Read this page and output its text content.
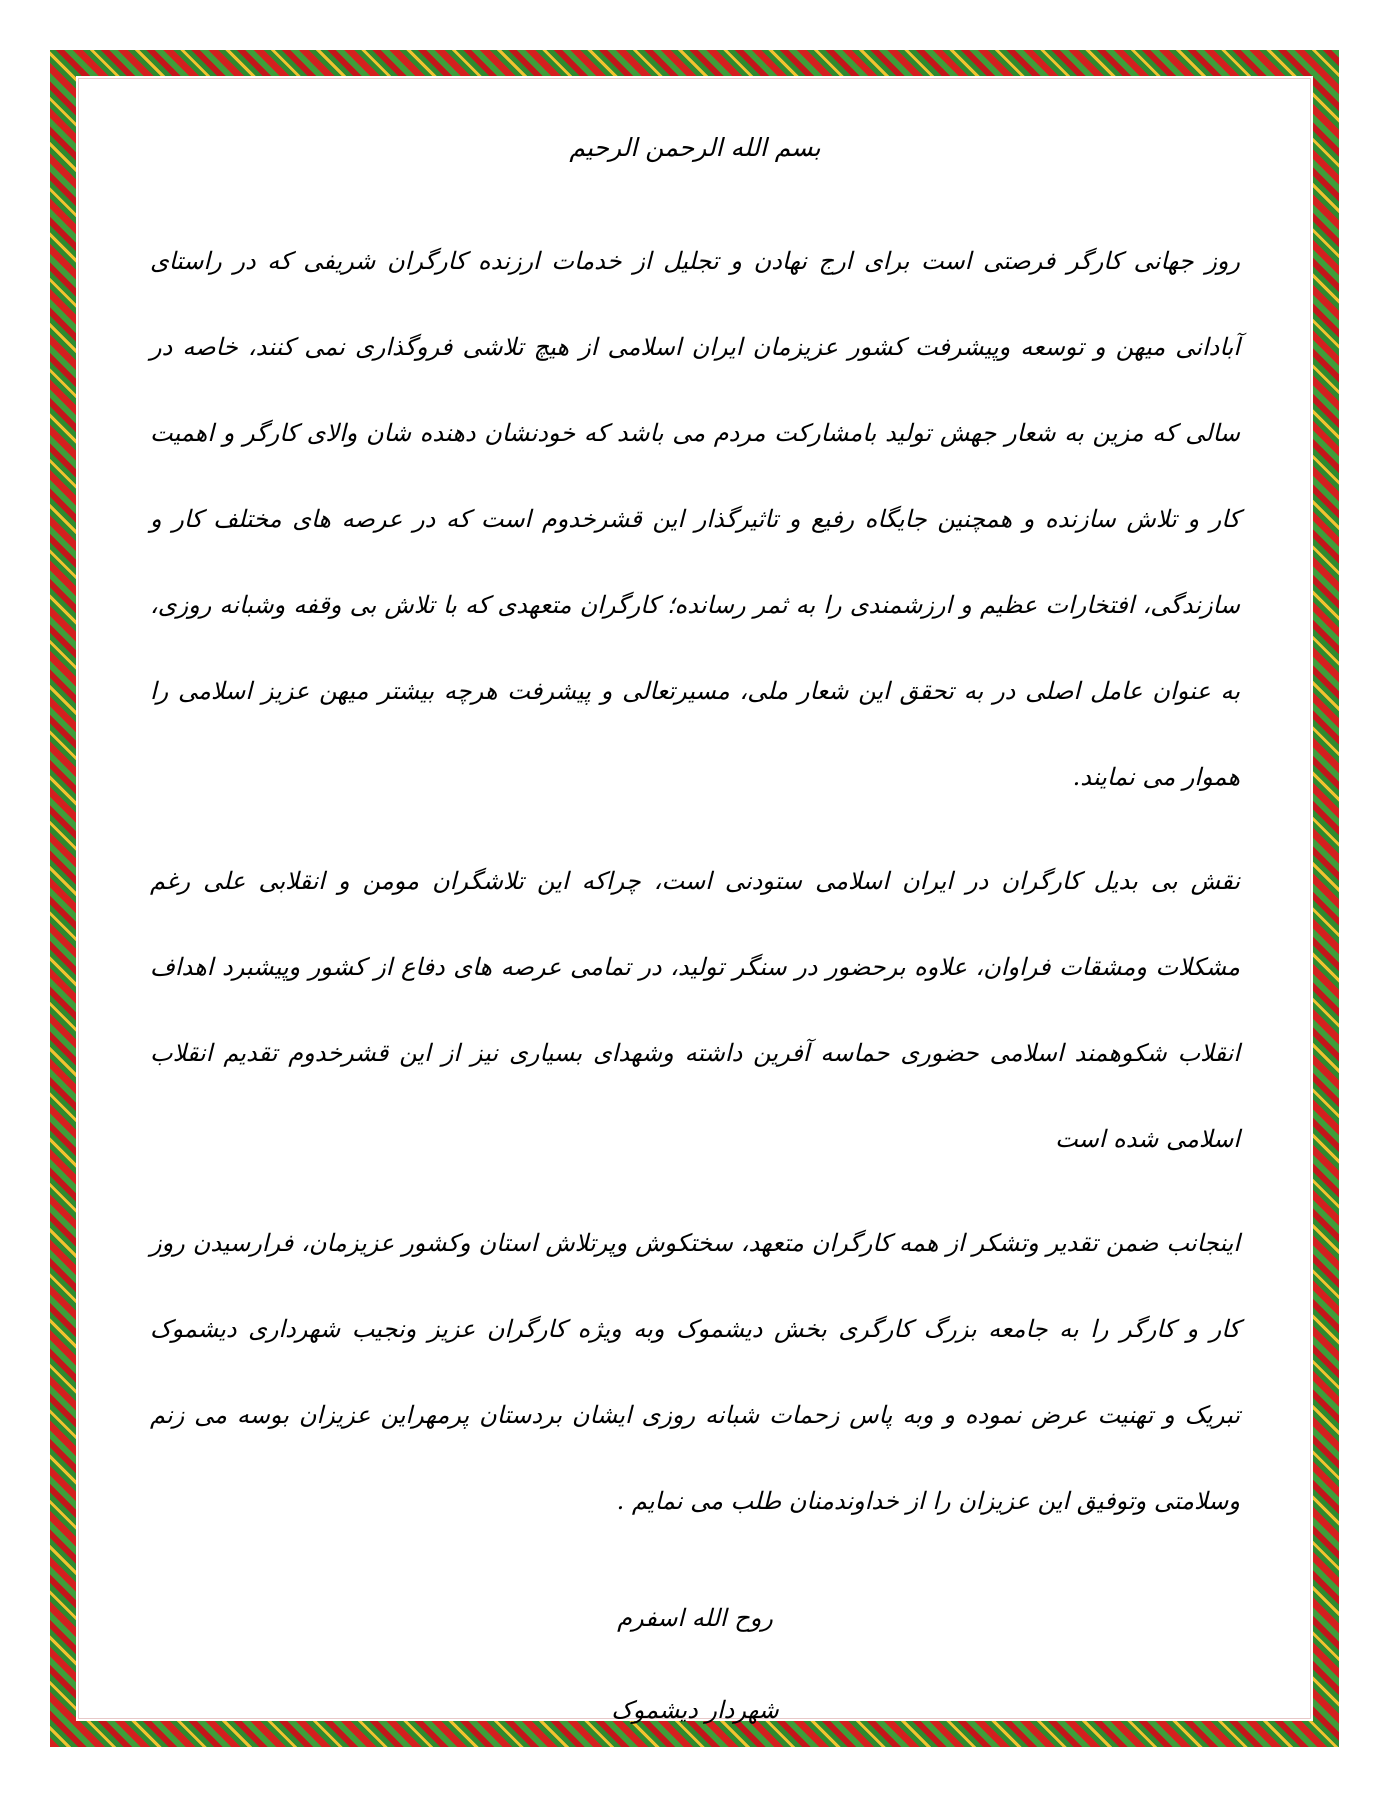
بسم الله الرحمن الرحیم

روز جهانی کارگر فرصتی است برای ارج نهادن و تجلیل از خدمات ارزنده کارگران شریفی که در راستای آبادانی میهن و توسعه وپیشرفت کشور عزیزمان ایران اسلامی از هیچ تلاشی فروگذاری نمی کنند، خاصه در سالی که مزین به شعار جهش تولید بامشارکت مردم می باشد که خودنشان دهنده شان والای کارگر و اهمیت کار و تلاش سازنده و همچنین جایگاه رفیع و تاثیرگذار این قشرخدوم است که در عرصه های مختلف کار و سازندگی، افتخارات عظیم و ارزشمندی را به ثمر رسانده؛ کارگران متعهدی که با تلاش بی وقفه وشبانه روزی، به عنوان عامل اصلی در به تحقق این شعار ملی، مسیرتعالی و پیشرفت هرچه بیشتر میهن عزیز اسلامی را هموار می نمایند.

نقش بی بدیل کارگران در ایران اسلامی ستودنی است، چراکه این تلاشگران مومن و انقلابی علی رغم مشکلات ومشقات فراوان، علاوه برحضور در سنگر تولید، در تمامی عرصه های دفاع از کشور وپیشبرد اهداف انقلاب شکوهمند اسلامی حضوری حماسه آفرین داشته وشهدای بسیاری نیز از این قشرخدوم تقدیم انقلاب اسلامی شده است

اینجانب ضمن تقدیر وتشکر از همه کارگران متعهد، سختکوش وپرتلاش استان وکشور عزیزمان، فرارسیدن روز کار و کارگر را به جامعه بزرگ کارگری بخش دیشموک وبه ویژه کارگران عزیز ونجیب شهرداری دیشموک تبریک و تهنیت عرض نموده و وبه پاس زحمات شبانه روزی ایشان بردستان پرمهراین عزیزان بوسه می زنم وسلامتی وتوفیق این عزیزان را از خداوندمنان طلب می نمایم .

روح الله اسفرم
شهردار دیشموک
